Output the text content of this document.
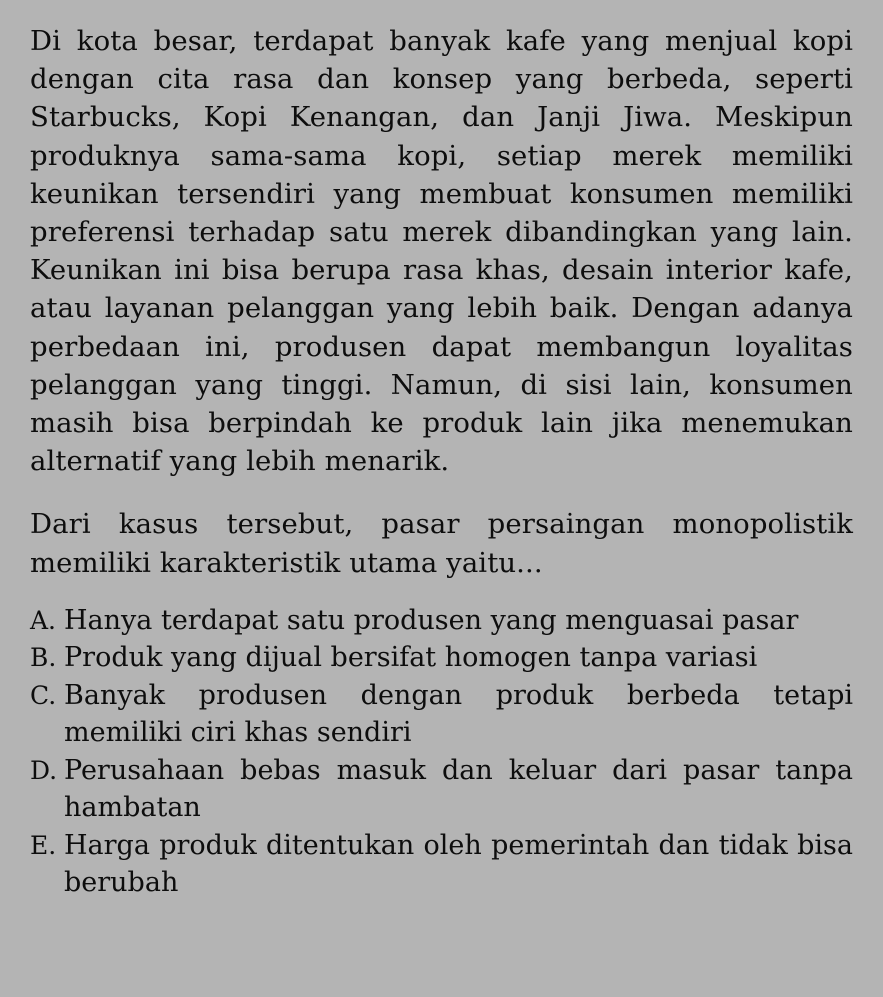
Di kota besar, terdapat banyak kafe yang menjual kopi dengan cita rasa dan konsep yang berbeda, seperti Starbucks, Kopi Kenangan, dan Janji Jiwa. Meskipun produknya sama-sama kopi, setiap merek memiliki keunikan tersendiri yang membuat konsumen memiliki preferensi terhadap satu merek dibandingkan yang lain. Keunikan ini bisa berupa rasa khas, desain interior kafe, atau layanan pelanggan yang lebih baik. Dengan adanya perbedaan ini, produsen dapat membangun loyalitas pelanggan yang tinggi. Namun, di sisi lain, konsumen masih bisa berpindah ke produk lain jika menemukan alternatif yang lebih menarik.

Dari kasus tersebut, pasar persaingan monopolistik memiliki karakteristik utama yaitu...

A. Hanya terdapat satu produsen yang menguasai pasar
B. Produk yang dijual bersifat homogen tanpa variasi
C. Banyak produsen dengan produk berbeda tetapi memiliki ciri khas sendiri
D. Perusahaan bebas masuk dan keluar dari pasar tanpa hambatan
E. Harga produk ditentukan oleh pemerintah dan tidak bisa berubah
